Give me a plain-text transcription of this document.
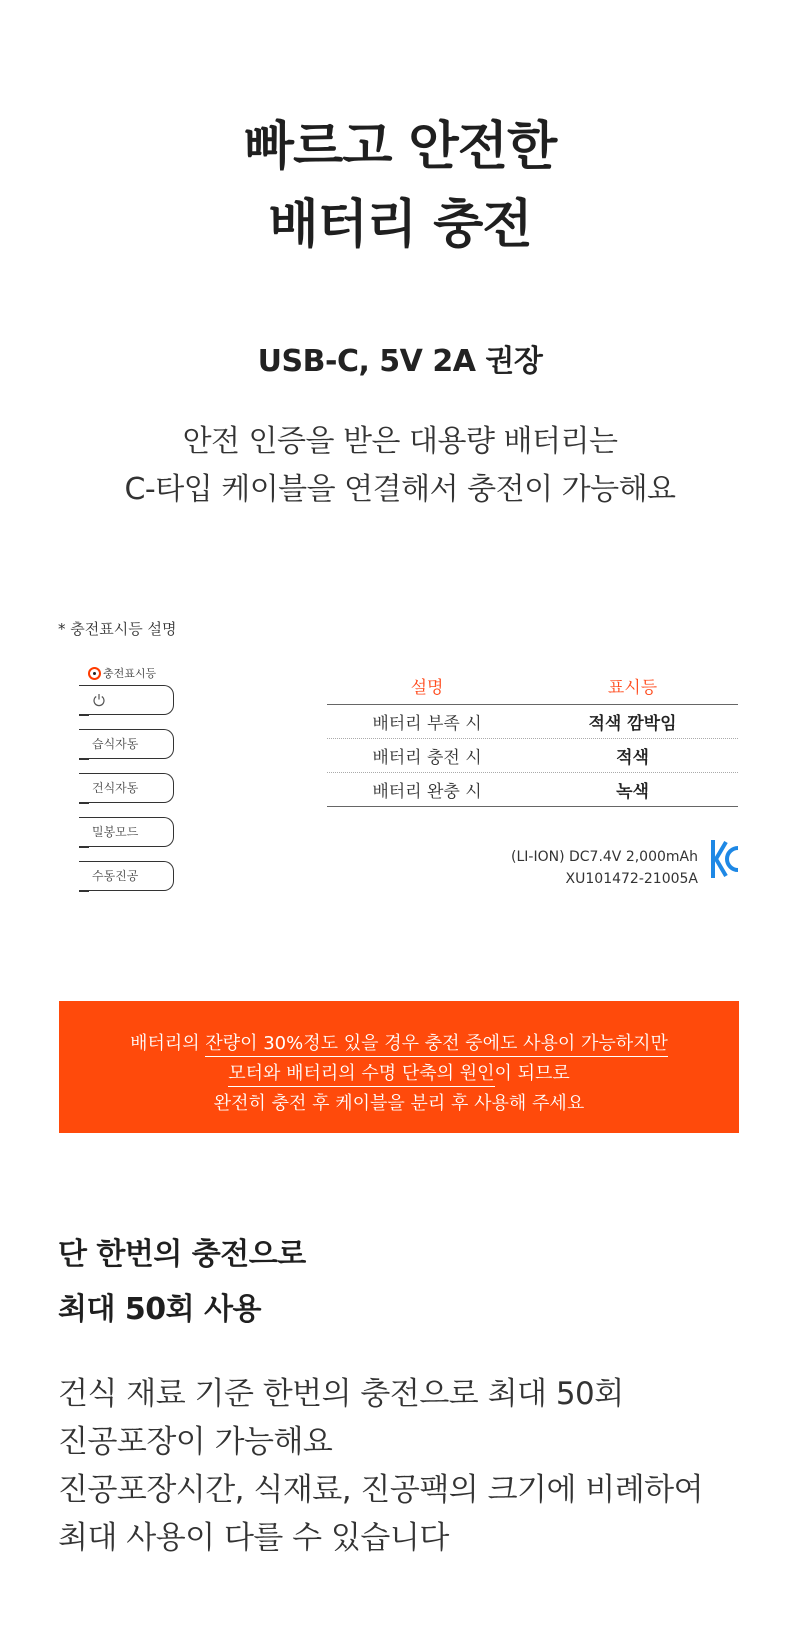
빠르고 안전한
배터리 충전
USB-C, 5V 2A 권장
안전 인증을 받은 대용량 배터리는
C-타입 케이블을 연결해서 충전이 가능해요
* 충전표시등 설명
충전표시등
습식자동
건식자동
밀봉모드
수동진공
설명	표시등
배터리 부족 시	적색 깜박임
배터리 충전 시	적색
배터리 완충 시	녹색
(LI-ION) DC7.4V 2,000mAh
XU101472-21005A
배터리의 잔량이 30%정도 있을 경우 충전 중에도 사용이 가능하지만
모터와 배터리의 수명 단축의 원인이 되므로
완전히 충전 후 케이블을 분리 후 사용해 주세요
단 한번의 충전으로
최대 50회 사용
건식 재료 기준 한번의 충전으로 최대 50회
진공포장이 가능해요
진공포장시간, 식재료, 진공팩의 크기에 비례하여
최대 사용이 다를 수 있습니다
